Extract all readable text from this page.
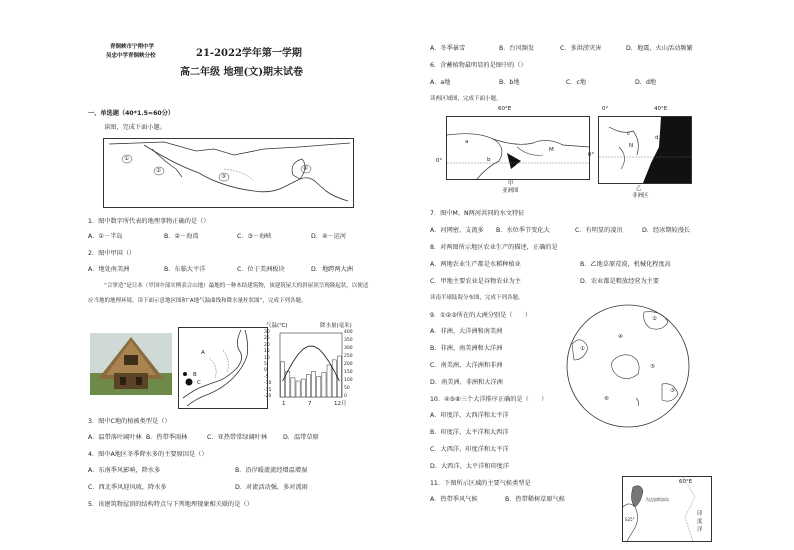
青铜峡市宁朔中学
吴忠中学青铜峡分校	21-2022学年第一学期
高二年级 地理(文)期末试卷
一、单选题（40*1.5=60分）
读图，完成下面小题。
①
②
③
④
1．图中数字所代表的地理事物正确的是（）
A．①－半岛	B．②－海湾	C．③－海峡	D．④－运河
2．图中甲国（）
A．地处南美洲	B．东临大平洋	C．位于美洲板块	D．地跨两大洲
“合掌造”是日本（甲国中部实例表合山地）最地的一种木结建筑物，该建筑屋大的斜屋顶呈现隆起状，以便适
应当地的地理环境。读下面示意地区图和“A地气温曲线和降水量柱状图”，完成下列各题。
A
B
C
气温(℃)	降水量(毫米)
30
25
20
15
10
5
0
-5
-10
-15
-20
400
350
300
250
200
150
100
50
0
1	7	12月
3．图中C地的植被类型是（）
A．温带落叶阔叶林 B．热带季雨林	C．亚热带常绿阔叶林	D．温带草原
4．图中A地区冬季降水多的主要原因是（）
A．东南季风影响，降水多	B．沿岸暖流流经增温增湿
C．西北季风迎风坡，降水多	D．对流活动强，多对流雨
5．该建筑物屋顶的结构特点与下列地理现象相关联的是（）
A．冬季暴雪	B．台风频发	C．多洪涝灾害	D．地震、火山活动频繁
6．含蓄植物最明显的是图中的（）
A．a地	B．b地	C．c地	D．d地
读两区域图，完成下面小题。
60°E
a
b
M
0°
甲
亚洲图
0°	40°E
c
d
N
0°
乙
非洲区
7．图中M、N两河共同的水文特征
A．河网密，支流多 B．水位季节变化大	C．有明显的凌汛	D．经冰期较漫长
8．对两图所示地区农业生产的描述，正确的是
A．两地农业生产都是水稻种植业	B．乙地草原荒漠，机械化程度高
C．甲地主要农业是谷物农业为主	D．农业都是粗放经营为主要
读南半球陆海分布图，完成下列各题。
9．①②③所在的大洲分别是（　　）
A．非洲、大洋洲和南美洲
B．非洲、南美洲和大洋洲
C．南美洲、大洋洲和非洲
D．南美洲、非洲和大洋洲
①
②
③
④
⑤
⑥
10．④⑤⑥三个大洋排序正确的是（　　）
A．印度洋、大西洋和太平洋
B．印度洋、太平洋和大西洋
C．大西洋、印度洋和太平洋
D．大西洋、太平洋和印度洋
11．下图所示区域的主要气候类型是
A．热带季风气候	B．热带稀树草原气候
60°E
马达加斯加岛
印
度
洋
S25°
